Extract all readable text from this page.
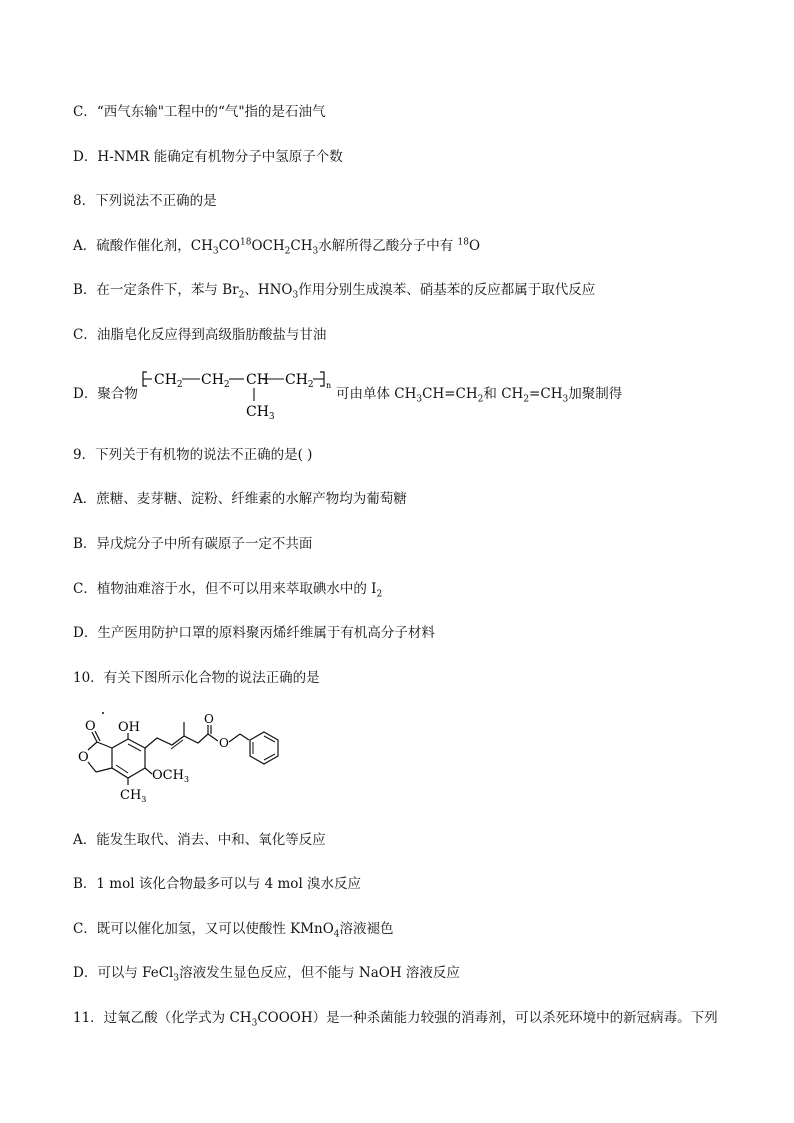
C．“西气东输"工程中的“气"指的是石油气
D．H-NMR 能确定有机物分子中氢原子个数
8．下列说法不正确的是
A．硫酸作催化剂，$CH_3CO^{18}OCH_2CH_3$水解所得乙酸分子中有 $^{18}$O
B．在一定条件下，苯与 $Br_2$、$HNO_3$作用分别生成溴苯、硝基苯的反应都属于取代反应
C．油脂皂化反应得到高级脂肪酸盐与甘油
D．聚合物
$CH_2$ $CH_2$ CH $CH_2$ n
$CH_3$
可由单体 $CH_3CH=CH_2$和 $CH_2=CH_3$加聚制得
9．下列关于有机物的说法不正确的是( )
A．蔗糖、麦芽糖、淀粉、纤维素的水解产物均为葡萄糖
B．异戊烷分子中所有碳原子一定不共面
C．植物油难溶于水，但不可以用来萃取碘水中的 $I_2$
D．生产医用防护口罩的原料聚丙烯纤维属于有机高分子材料
10．有关下图所示化合物的说法正确的是
OH
O
O
$OCH_3$
$CH_3$
O
O
A．能发生取代、消去、中和、氧化等反应
B．1 mol 该化合物最多可以与 4 mol 溴水反应
C．既可以催化加氢，又可以使酸性 KMnO$_4$溶液褪色
D．可以与 FeCl$_3$溶液发生显色反应，但不能与 NaOH 溶液反应
11．过氧乙酸（化学式为 $CH_3COOOH$）是一种杀菌能力较强的消毒剂，可以杀死环境中的新冠病毒。下列
